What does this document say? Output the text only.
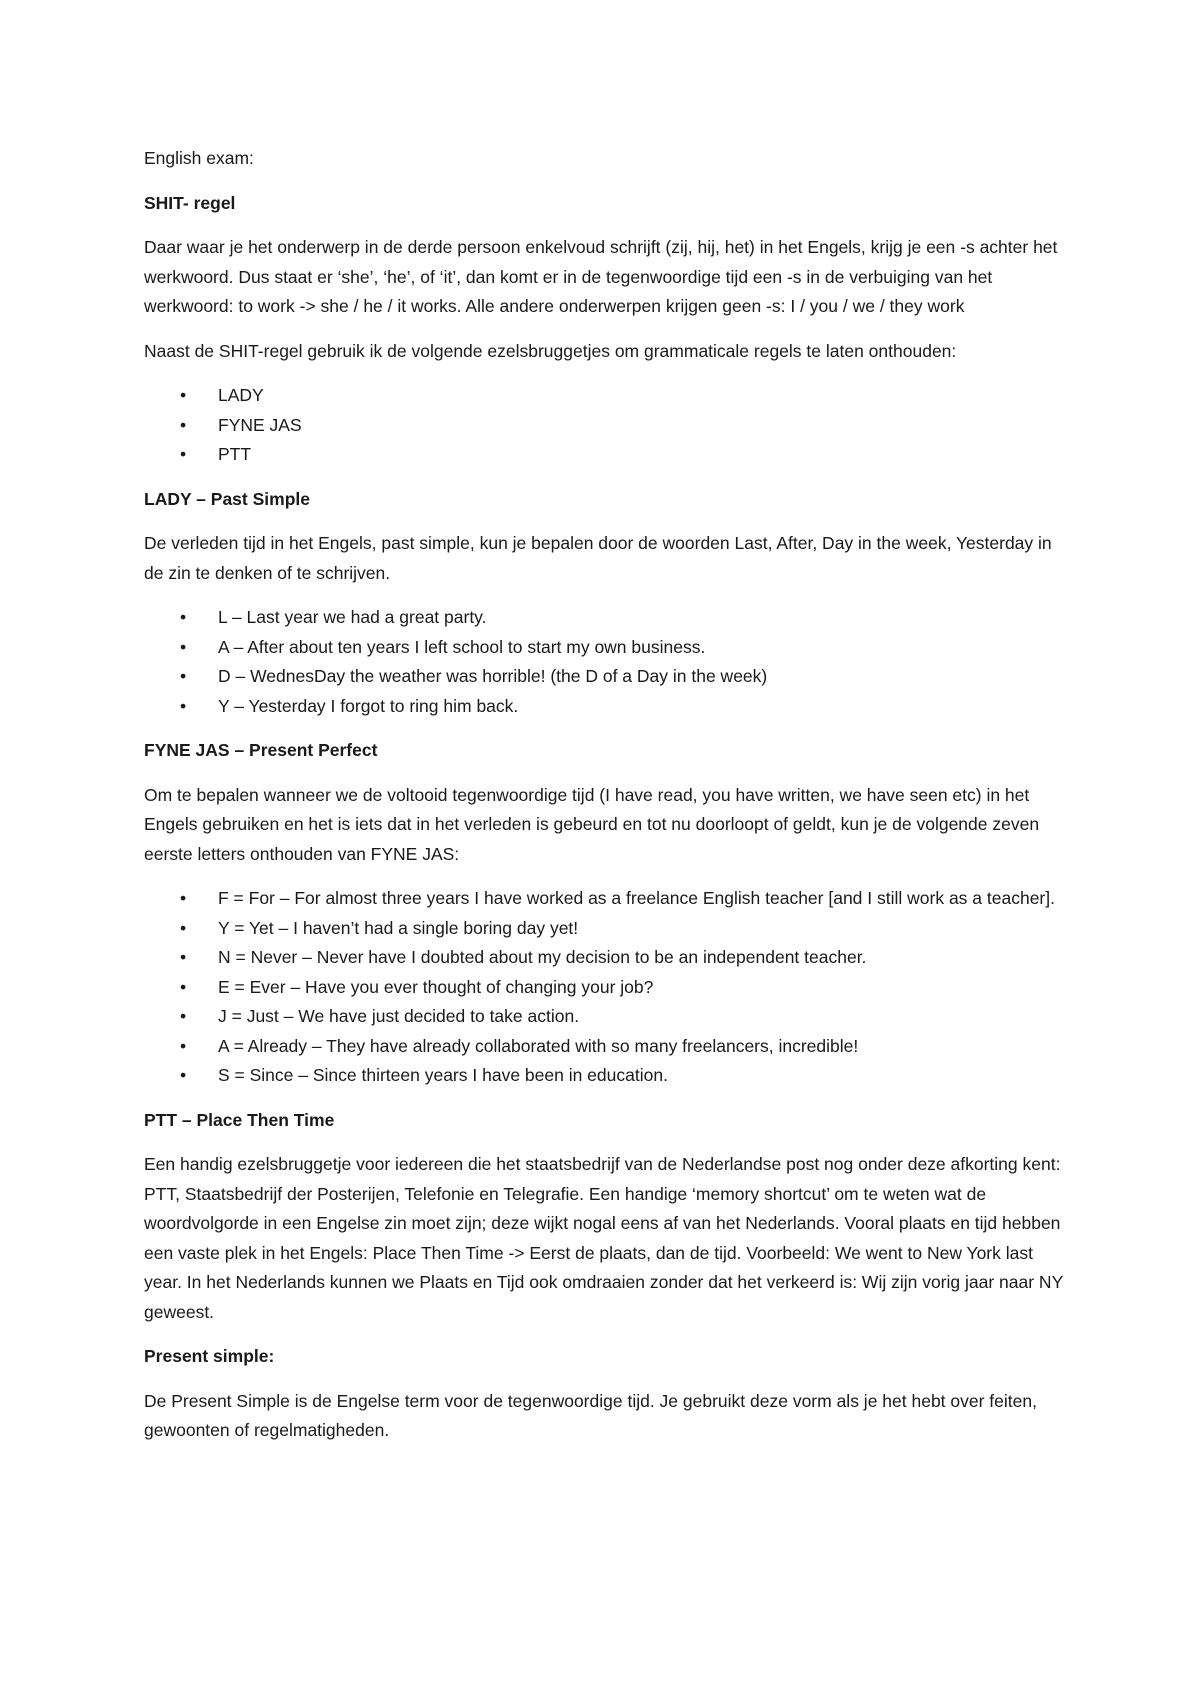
English exam:

SHIT- regel

Daar waar je het onderwerp in de derde persoon enkelvoud schrijft (zij, hij, het) in het Engels, krijg je een -s achter het werkwoord. Dus staat er ‘she’, ‘he’, of ‘it’, dan komt er in de tegenwoordige tijd een -s in de verbuiging van het werkwoord: to work -> she / he / it works. Alle andere onderwerpen krijgen geen -s: I / you / we / they work

Naast de SHIT-regel gebruik ik de volgende ezelsbruggetjes om grammaticale regels te laten onthouden:

• LADY
• FYNE JAS
• PTT
LADY – Past Simple

De verleden tijd in het Engels, past simple, kun je bepalen door de woorden Last, After, Day in the week, Yesterday in de zin te denken of te schrijven.

• L – Last year we had a great party.
• A – After about ten years I left school to start my own business.
• D – WednesDay the weather was horrible! (the D of a Day in the week)
• Y – Yesterday I forgot to ring him back.
FYNE JAS – Present Perfect

Om te bepalen wanneer we de voltooid tegenwoordige tijd (I have read, you have written, we have seen etc) in het Engels gebruiken en het is iets dat in het verleden is gebeurd en tot nu doorloopt of geldt, kun je de volgende zeven eerste letters onthouden van FYNE JAS:

• F = For – For almost three years I have worked as a freelance English teacher [and I still work as a teacher].
• Y = Yet – I haven’t had a single boring day yet!
• N = Never – Never have I doubted about my decision to be an independent teacher.
• E = Ever – Have you ever thought of changing your job?
• J = Just – We have just decided to take action.
• A = Already – They have already collaborated with so many freelancers, incredible!
• S = Since – Since thirteen years I have been in education.
PTT – Place Then Time

Een handig ezelsbruggetje voor iedereen die het staatsbedrijf van de Nederlandse post nog onder deze afkorting kent: PTT, Staatsbedrijf der Posterijen, Telefonie en Telegrafie. Een handige ‘memory shortcut’ om te weten wat de woordvolgorde in een Engelse zin moet zijn; deze wijkt nogal eens af van het Nederlands. Vooral plaats en tijd hebben een vaste plek in het Engels: Place Then Time -> Eerst de plaats, dan de tijd. Voorbeeld: We went to New York last year. In het Nederlands kunnen we Plaats en Tijd ook omdraaien zonder dat het verkeerd is: Wij zijn vorig jaar naar NY geweest.

Present simple:

De Present Simple is de Engelse term voor de tegenwoordige tijd. Je gebruikt deze vorm als je het hebt over feiten, gewoonten of regelmatigheden.
